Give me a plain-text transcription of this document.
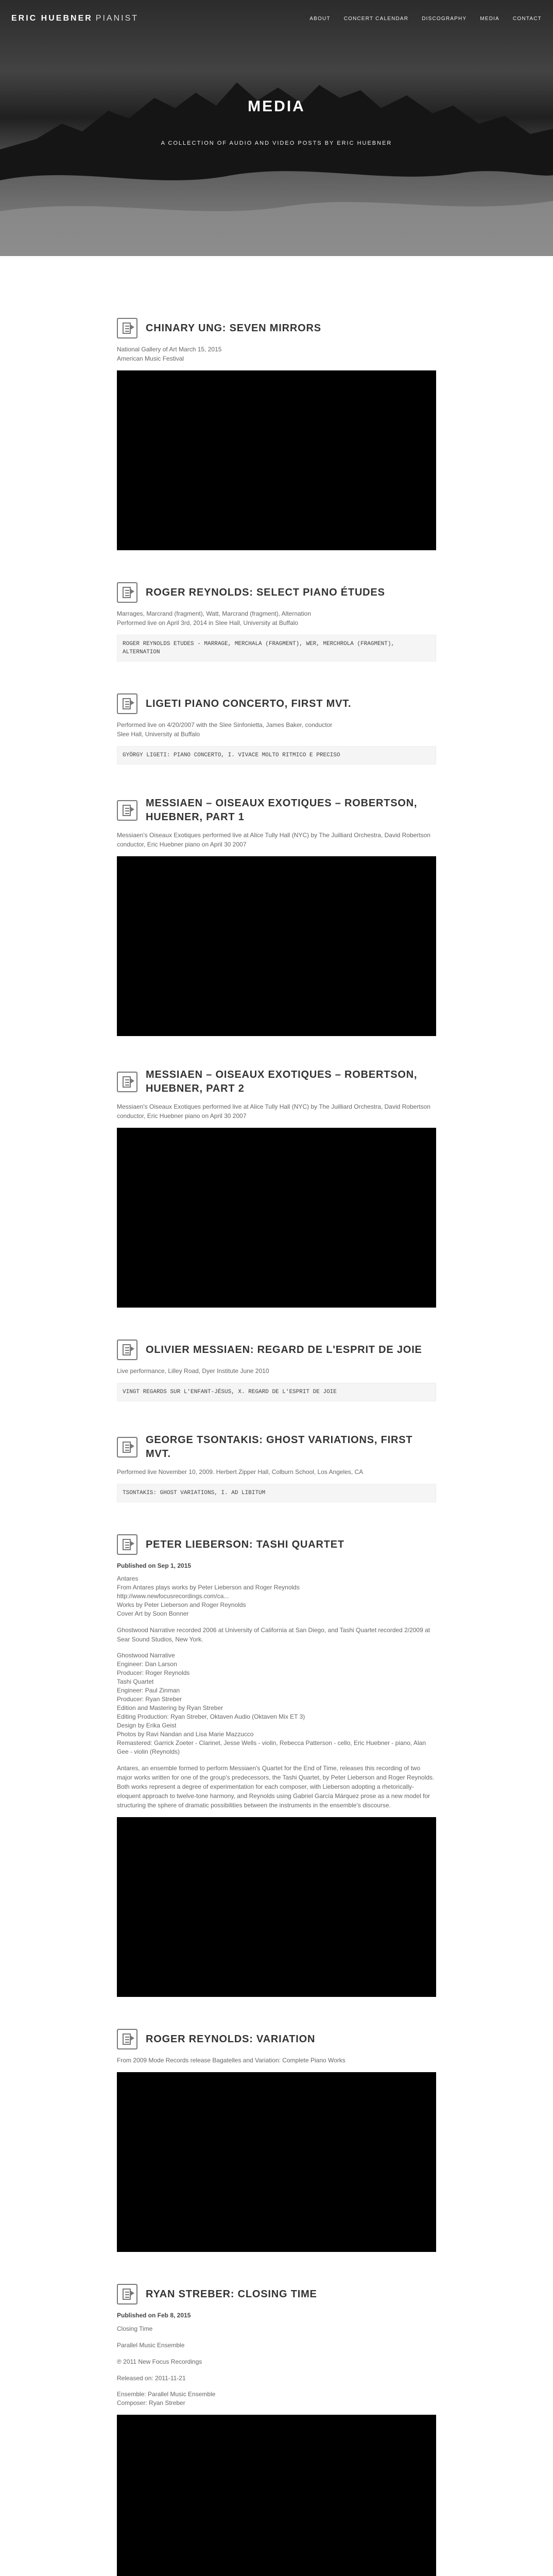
ERIC HUEBNER PIANIST	ABOUT	CONCERT CALENDAR	DISCOGRAPHY	MEDIA	CONTACT
MEDIA

A COLLECTION OF AUDIO AND VIDEO POSTS BY ERIC HUEBNER

CHINARY UNG: SEVEN MIRRORS
National Gallery of Art March 15, 2015
American Music Festival
ROGER REYNOLDS: SELECT PIANO ÉTUDES
Marrages, Marcrand (fragment), Watt, Marcrand (fragment), Alternation
Performed live on April 3rd, 2014 in Slee Hall, University at Buffalo
ROGER REYNOLDS ETUDES - MARRAGE, MERCHALA (FRAGMENT), WER, MERCHROLA (FRAGMENT),
ALTERNATION
LIGETI PIANO CONCERTO, FIRST MVT.
Performed live on 4/20/2007 with the Slee Sinfonietta, James Baker, conductor
Slee Hall, University at Buffalo
GYÖRGY LIGETI: PIANO CONCERTO, I. VIVACE MOLTO RITMICO E PRECISO
MESSIAEN – OISEAUX EXOTIQUES – ROBERTSON, HUEBNER, PART 1
Messiaen's Oiseaux Exotiques performed live at Alice Tully Hall (NYC) by The Juilliard Orchestra, David Robertson conductor, Eric Huebner piano on April 30 2007
MESSIAEN – OISEAUX EXOTIQUES – ROBERTSON, HUEBNER, PART 2
Messiaen's Oiseaux Exotiques performed live at Alice Tully Hall (NYC) by The Juilliard Orchestra, David Robertson conductor, Eric Huebner piano on April 30 2007
OLIVIER MESSIAEN: REGARD DE L'ESPRIT DE JOIE
Live performance, Lilley Road, Dyer Institute June 2010
VINGT REGARDS SUR L'ENFANT-JÉSUS, X. REGARD DE L'ESPRIT DE JOIE
GEORGE TSONTAKIS: GHOST VARIATIONS, FIRST MVT.
Performed live November 10, 2009. Herbert Zipper Hall, Colburn School, Los Angeles, CA
TSONTAKIS: GHOST VARIATIONS, I. AD LIBITUM
PETER LIEBERSON: TASHI QUARTET
Published on Sep 1, 2015
Antares
From Antares plays works by Peter Lieberson and Roger Reynolds
http://www.newfocusrecordings.com/ca...
Works by Peter Lieberson and Roger Reynolds
Cover Art by Soon Bonner

Ghostwood Narrative recorded 2006 at University of California at San Diego, and Tashi Quartet recorded 2/2009 at Sear Sound Studios, New York.

Ghostwood Narrative
Engineer: Dan Larson
Producer: Roger Reynolds
Tashi Quartet
Engineer: Paul Zinman
Producer: Ryan Streber
Edition and Mastering by Ryan Streber
Editing Production: Ryan Streber, Oktaven Audio (Oktaven Mix ET 3)
Design by Erika Geist
Photos by Ravi Nandan and Lisa Marie Mazzucco
Remastered: Garrick Zoeter - Clarinet, Jesse Wells - violin, Rebecca Patterson - cello, Eric Huebner - piano, Alan Gee - violin (Reynolds)

Antares, an ensemble formed to perform Messiaen's Quartet for the End of Time, releases this recording of two major works written for one of the group's predecessors, the Tashi Quartet, by Peter Lieberson and Roger Reynolds. Both works represent a degree of experimentation for each composer, with Lieberson adopting a rhetorically-eloquent approach to twelve-tone harmony, and Reynolds using Gabriel García Márquez prose as a new model for structuring the sphere of dramatic possibilities between the instruments in the ensemble's discourse.

ROGER REYNOLDS: VARIATION
From 2009 Mode Records release Bagatelles and Variation: Complete Piano Works
RYAN STREBER: CLOSING TIME
Published on Feb 8, 2015

Closing Time

Parallel Music Ensemble

℗ 2011 New Focus Recordings

Released on: 2011-11-21

Ensemble: Parallel Music Ensemble
Composer: Ryan Streber
